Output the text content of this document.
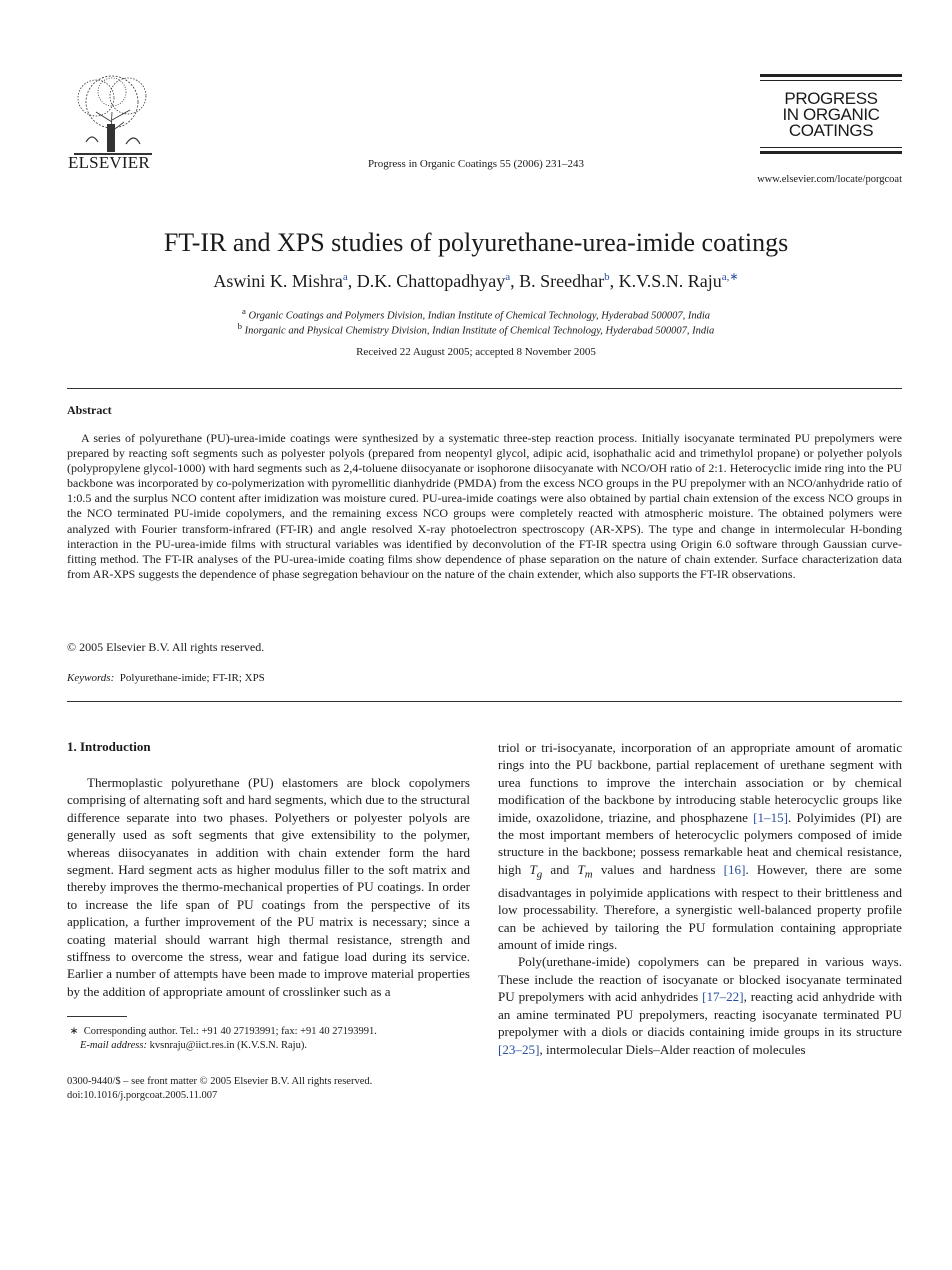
ELSEVIER	Progress in Organic Coatings 55 (2006) 231–243
PROGRESS
IN ORGANIC
COATINGS
www.elsevier.com/locate/porgcoat
FT-IR and XPS studies of polyurethane-urea-imide coatings
Aswini K. Mishra$^a$, D.K. Chattopadhyay$^a$, B. Sreedhar$^b$, K.V.S.N. Raju$^{a,∗}$
$^a$ Organic Coatings and Polymers Division, Indian Institute of Chemical Technology, Hyderabad 500007, India
$^b$ Inorganic and Physical Chemistry Division, Indian Institute of Chemical Technology, Hyderabad 500007, India
Received 22 August 2005; accepted 8 November 2005
Abstract

A series of polyurethane (PU)-urea-imide coatings were synthesized by a systematic three-step reaction process. Initially isocyanate terminated PU prepolymers were prepared by reacting soft segments such as polyester polyols (prepared from neopentyl glycol, adipic acid, isophathalic acid and trimethylol propane) or polyether polyols (polypropylene glycol-1000) with hard segments such as 2,4-toluene diisocyanate or isophorone diisocyanate with NCO/OH ratio of 2:1. Heterocyclic imide ring into the PU backbone was incorporated by co-polymerization with pyromellitic dianhydride (PMDA) from the excess NCO groups in the PU prepolymer with an NCO/anhydride ratio of 1:0.5 and the surplus NCO content after imidization was moisture cured. PU-urea-imide coatings were also obtained by partial chain extension of the excess NCO groups in the NCO terminated PU-imide copolymers, and the remaining excess NCO groups were completely reacted with atmospheric moisture. The obtained polymers were analyzed with Fourier transform-infrared (FT-IR) and angle resolved X-ray photoelectron spectroscopy (AR-XPS). The type and change in intermolecular H-bonding interaction in the PU-urea-imide films with structural variables was identified by deconvolution of the FT-IR spectra using Origin 6.0 software through Gaussian curve-fitting method. The FT-IR analyses of the PU-urea-imide coating films show dependence of phase separation on the nature of chain extender. Surface characterization data from AR-XPS suggests the dependence of phase segregation behaviour on the nature of the chain extender, which also supports the FT-IR observations.

© 2005 Elsevier B.V. All rights reserved.
Keywords: Polyurethane-imide; FT-IR; XPS
1. Introduction

Thermoplastic polyurethane (PU) elastomers are block copolymers comprising of alternating soft and hard segments, which due to the structural difference separate into two phases. Polyethers or polyester polyols are generally used as soft segments that give extensibility to the polymer, whereas diisocyanates in addition with chain extender form the hard segment. Hard segment acts as higher modulus filler to the soft matrix and thereby improves the thermo-mechanical properties of PU coatings. In order to increase the life span of PU coatings from the perspective of its application, a further improvement of the PU matrix is necessary; since a coating material should warrant high thermal resistance, strength and stiffness to overcome the stress, wear and fatigue load during its service. Earlier a number of attempts have been made to improve material properties by the addition of appropriate amount of crosslinker such as a

triol or tri-isocyanate, incorporation of an appropriate amount of aromatic rings into the PU backbone, partial replacement of urethane segment with urea functions to improve the interchain association or by chemical modification of the backbone by introducing stable heterocyclic groups like imide, oxazolidone, triazine, and phosphazene [1–15]. Polyimides (PI) are the most important members of heterocyclic polymers composed of imide structure in the backbone; possess remarkable heat and chemical resistance, high $T_g$ and $T_m$ values and hardness [16]. However, there are some disadvantages in polyimide applications with respect to their brittleness and low processability. Therefore, a synergistic well-balanced property profile can be achieved by tailoring the PU formulation containing appropriate amount of imide rings.

Poly(urethane-imide) copolymers can be prepared in various ways. These include the reaction of isocyanate or blocked isocyanate terminated PU prepolymers with acid anhydrides [17–22], reacting acid anhydride with an amine terminated PU prepolymers, reacting isocyanate terminated PU prepolymer with a diols or diacids containing imide groups in its structure [23–25], intermolecular Diels–Alder reaction of molecules

∗ Corresponding author. Tel.: +91 40 27193991; fax: +91 40 27193991.
E-mail address: kvsnraju@iict.res.in (K.V.S.N. Raju).
0300-9440/$ – see front matter © 2005 Elsevier B.V. All rights reserved.
doi:10.1016/j.porgcoat.2005.11.007
